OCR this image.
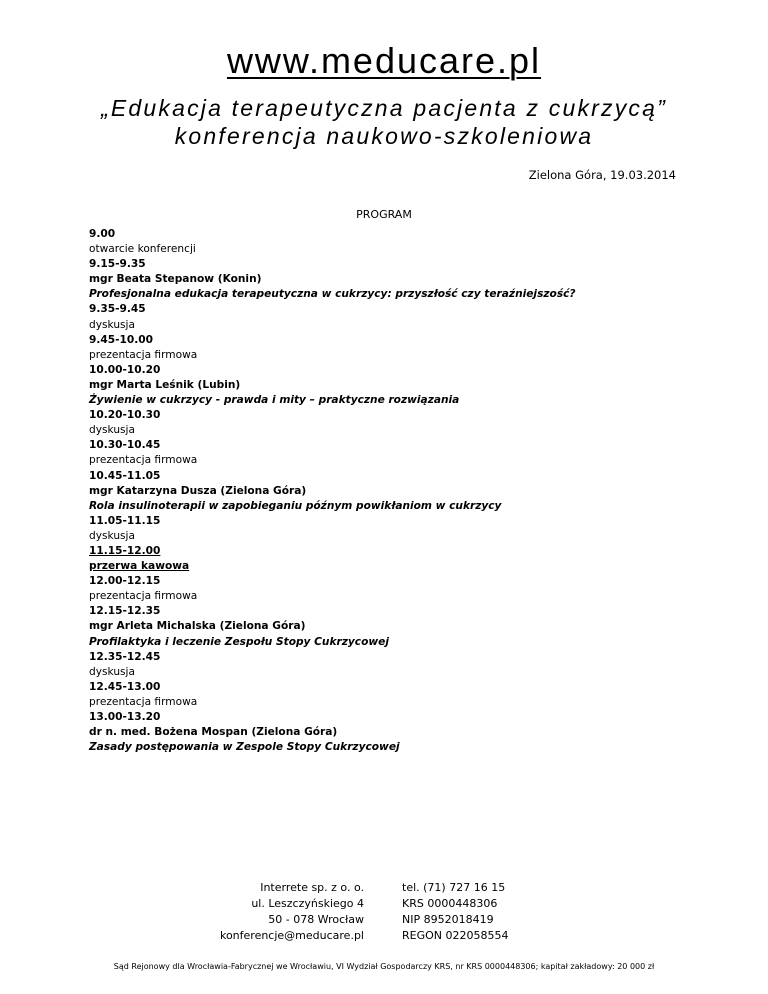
www.meducare.pl
„Edukacja terapeutyczna pacjenta z cukrzycą”
konferencja naukowo-szkoleniowa
Zielona Góra, 19.03.2014
PROGRAM
9.00
otwarcie konferencji
9.15-9.35
mgr Beata Stepanow (Konin)
Profesjonalna edukacja terapeutyczna w cukrzycy: przyszłość czy teraźniejszość?
9.35-9.45
dyskusja
9.45-10.00
prezentacja firmowa
10.00-10.20
mgr Marta Leśnik (Lubin)
Żywienie w cukrzycy - prawda i mity – praktyczne rozwiązania
10.20-10.30
dyskusja
10.30-10.45
prezentacja firmowa
10.45-11.05
mgr Katarzyna Dusza (Zielona Góra)
Rola insulinoterapii w zapobieganiu późnym powikłaniom w cukrzycy
11.05-11.15
dyskusja
11.15-12.00
przerwa kawowa
12.00-12.15
prezentacja firmowa
12.15-12.35
mgr Arleta Michalska (Zielona Góra)
Profilaktyka i leczenie Zespołu Stopy Cukrzycowej
12.35-12.45
dyskusja
12.45-13.00
prezentacja firmowa
13.00-13.20
dr n. med. Bożena Mospan (Zielona Góra)
Zasady postępowania w Zespole Stopy Cukrzycowej
Interrete sp. z o. o.
ul. Leszczyńskiego 4
50 - 078 Wrocław
konferencje@meducare.pl
tel. (71) 727 16 15
KRS 0000448306
NIP 8952018419
REGON 022058554
Sąd Rejonowy dla Wrocławia-Fabrycznej we Wrocławiu, VI Wydział Gospodarczy KRS, nr KRS 0000448306; kapitał zakładowy: 20 000 zł
